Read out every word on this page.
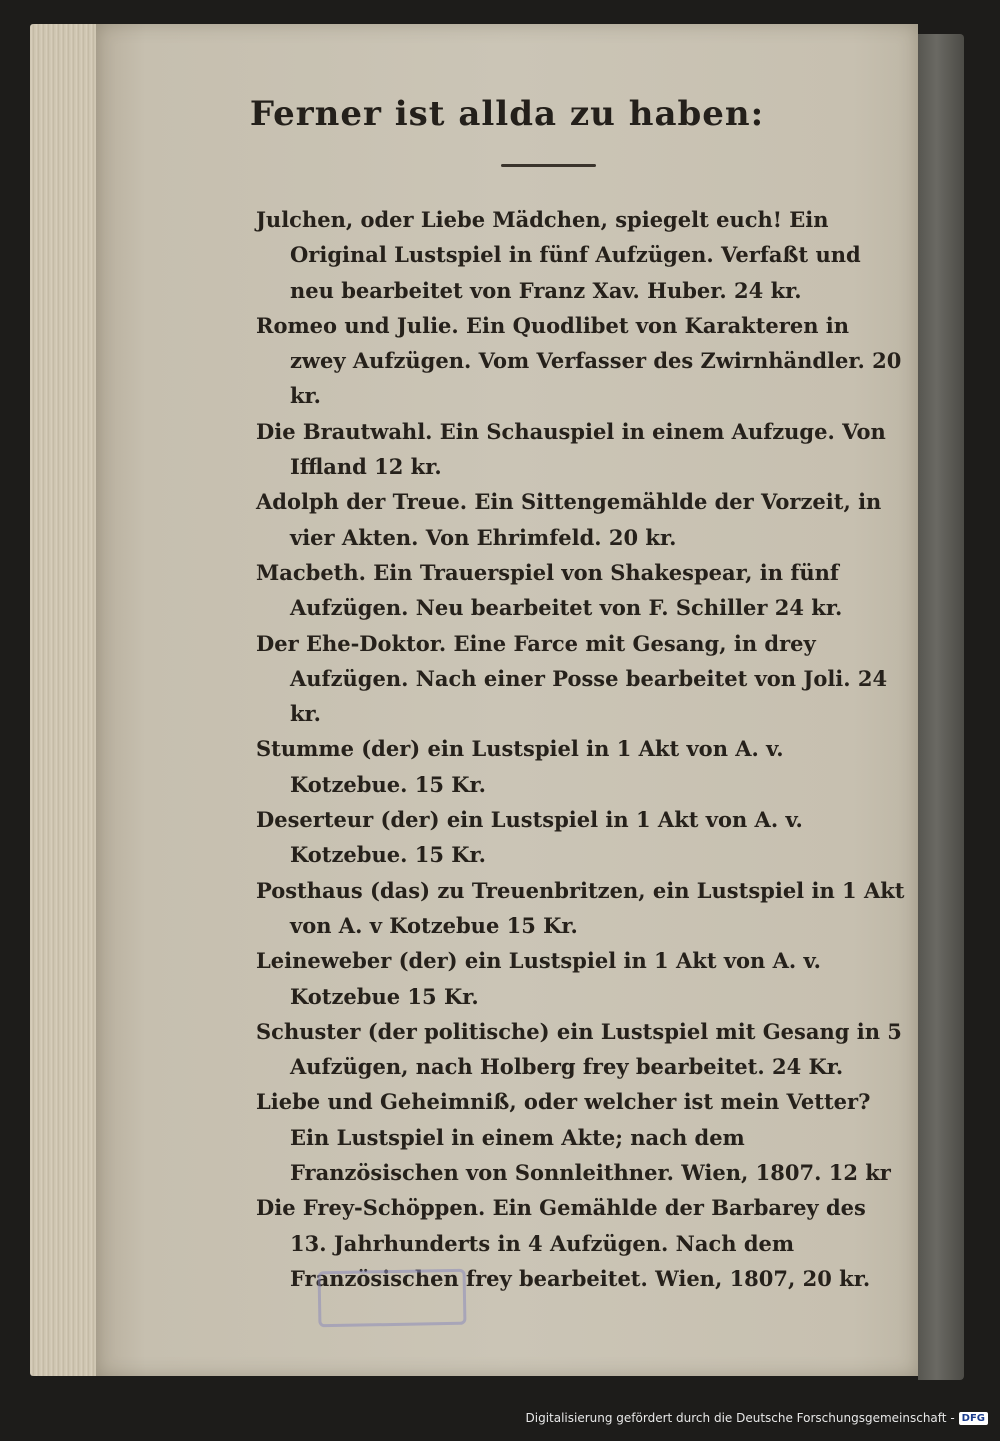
Ferner ist allda zu haben:

Julchen, oder Liebe Mädchen, spiegelt euch! Ein Original Lustspiel in fünf Aufzügen. Verfaßt und neu bearbeitet von Franz Xav. Huber. 24 kr.

Romeo und Julie. Ein Quodlibet von Karakteren in zwey Aufzügen. Vom Verfasser des Zwirnhändler. 20 kr.

Die Brautwahl. Ein Schauspiel in einem Aufzuge. Von Iffland 12 kr.

Adolph der Treue. Ein Sittengemählde der Vorzeit, in vier Akten. Von Ehrimfeld. 20 kr.

Macbeth. Ein Trauerspiel von Shakespear, in fünf Aufzügen. Neu bearbeitet von F. Schiller 24 kr.

Der Ehe-Doktor. Eine Farce mit Gesang, in drey Aufzügen. Nach einer Posse bearbeitet von Joli. 24 kr.

Stumme (der) ein Lustspiel in 1 Akt von A. v. Kotzebue. 15 Kr.

Deserteur (der) ein Lustspiel in 1 Akt von A. v. Kotzebue. 15 Kr.

Posthaus (das) zu Treuenbritzen, ein Lustspiel in 1 Akt von A. v Kotzebue 15 Kr.

Leineweber (der) ein Lustspiel in 1 Akt von A. v. Kotzebue 15 Kr.

Schuster (der politische) ein Lustspiel mit Gesang in 5 Aufzügen, nach Holberg frey bearbeitet. 24 Kr.

Liebe und Geheimniß, oder welcher ist mein Vetter? Ein Lustspiel in einem Akte; nach dem Französischen von Sonnleithner. Wien, 1807. 12 kr

Die Frey-Schöppen. Ein Gemählde der Barbarey des 13. Jahrhunderts in 4 Aufzügen. Nach dem Französischen frey bearbeitet. Wien, 1807, 20 kr.

Digitalisierung gefördert durch die Deutsche Forschungsgemeinschaft - DFG
